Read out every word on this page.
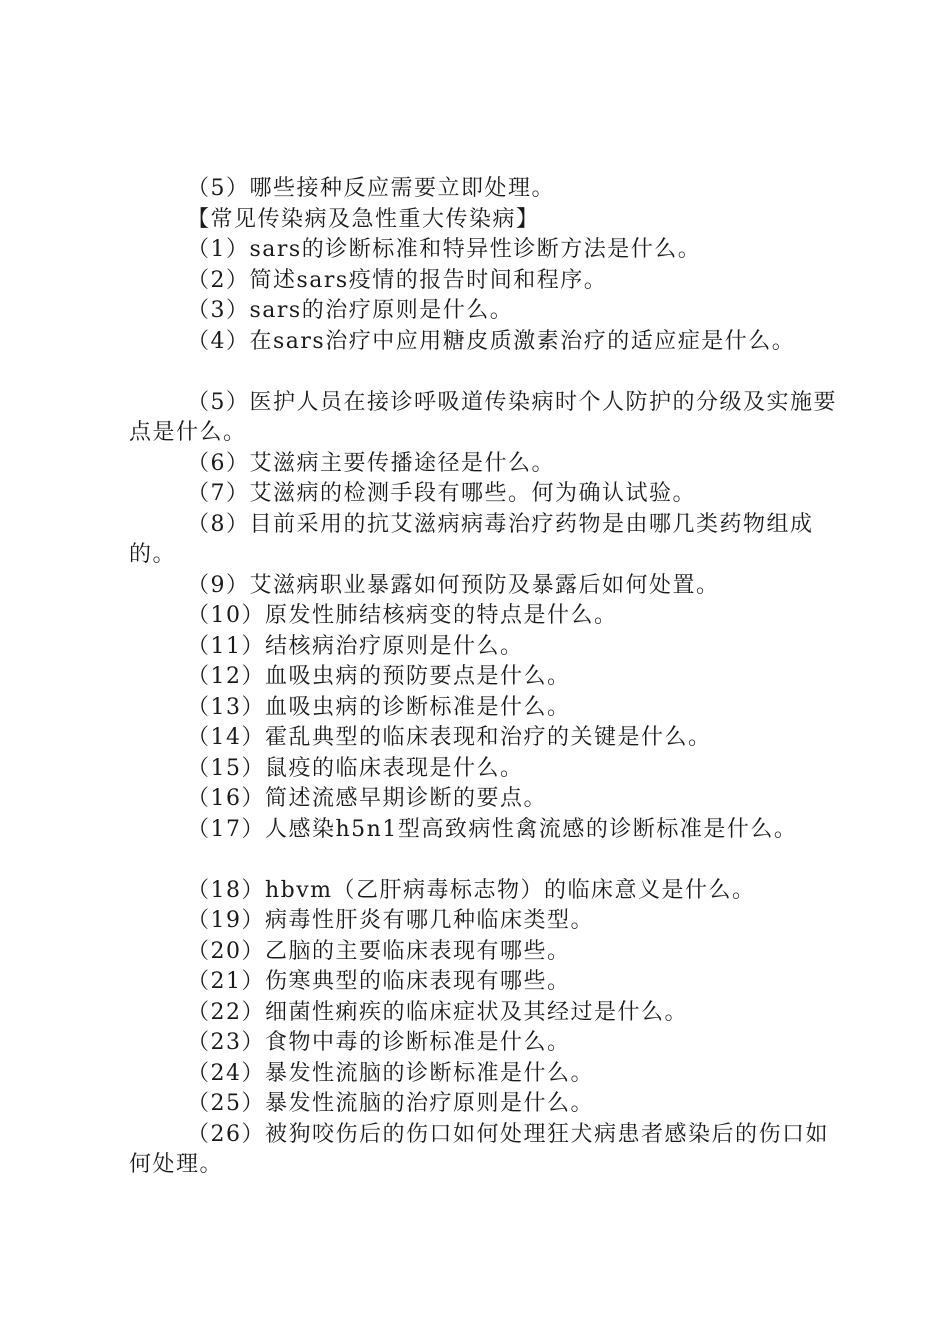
（5）哪些接种反应需要立即处理。

【常见传染病及急性重大传染病】

（1）sars的诊断标准和特异性诊断方法是什么。

（2）简述sars疫情的报告时间和程序。

（3）sars的治疗原则是什么。

（4）在sars治疗中应用糖皮质激素治疗的适应症是什么。

（5）医护人员在接诊呼吸道传染病时个人防护的分级及实施要点是什么。

（6）艾滋病主要传播途径是什么。

（7）艾滋病的检测手段有哪些。何为确认试验。

（8）目前采用的抗艾滋病病毒治疗药物是由哪几类药物组成的。

（9）艾滋病职业暴露如何预防及暴露后如何处置。

（10）原发性肺结核病变的特点是什么。

（11）结核病治疗原则是什么。

（12）血吸虫病的预防要点是什么。

（13）血吸虫病的诊断标准是什么。

（14）霍乱典型的临床表现和治疗的关键是什么。

（15）鼠疫的临床表现是什么。

（16）简述流感早期诊断的要点。

（17）人感染h5n1型高致病性禽流感的诊断标准是什么。

（18）hbvm（乙肝病毒标志物）的临床意义是什么。

（19）病毒性肝炎有哪几种临床类型。

（20）乙脑的主要临床表现有哪些。

（21）伤寒典型的临床表现有哪些。

（22）细菌性痢疾的临床症状及其经过是什么。

（23）食物中毒的诊断标准是什么。

（24）暴发性流脑的诊断标准是什么。

（25）暴发性流脑的治疗原则是什么。

（26）被狗咬伤后的伤口如何处理狂犬病患者感染后的伤口如何处理。
